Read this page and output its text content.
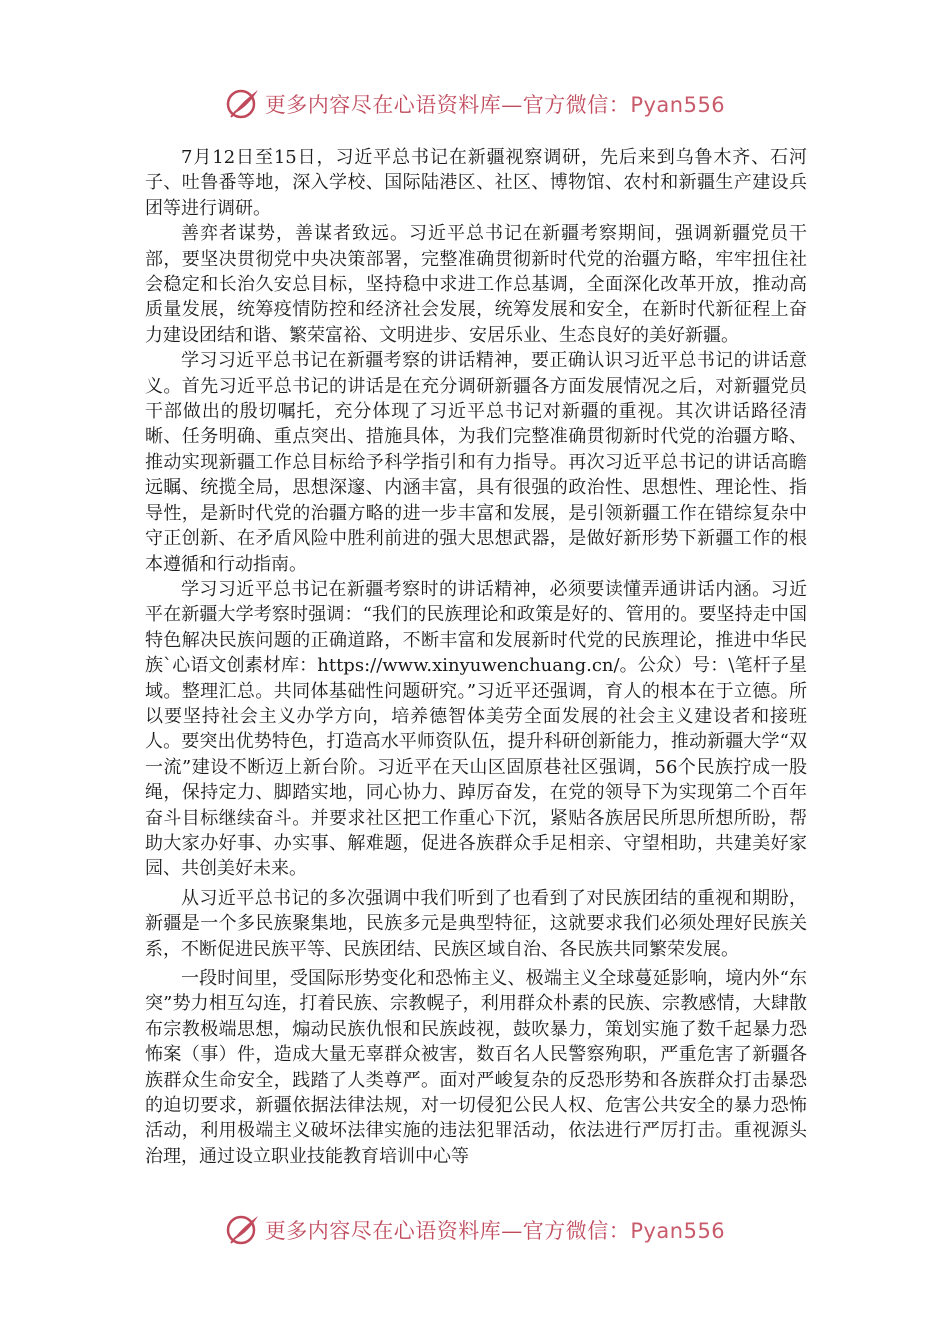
更多内容尽在心语资料库—官方微信：Pyan556

7月12日至15日，习近平总书记在新疆视察调研，先后来到乌鲁木齐、石河子、吐鲁番等地，深入学校、国际陆港区、社区、博物馆、农村和新疆生产建设兵团等进行调研。

善弈者谋势，善谋者致远。习近平总书记在新疆考察期间，强调新疆党员干部，要坚决贯彻党中央决策部署，完整准确贯彻新时代党的治疆方略，牢牢扭住社会稳定和长治久安总目标，坚持稳中求进工作总基调，全面深化改革开放，推动高质量发展，统筹疫情防控和经济社会发展，统筹发展和安全，在新时代新征程上奋力建设团结和谐、繁荣富裕、文明进步、安居乐业、生态良好的美好新疆。

学习习近平总书记在新疆考察的讲话精神，要正确认识习近平总书记的讲话意义。首先习近平总书记的讲话是在充分调研新疆各方面发展情况之后，对新疆党员干部做出的殷切嘱托，充分体现了习近平总书记对新疆的重视。其次讲话路径清晰、任务明确、重点突出、措施具体，为我们完整准确贯彻新时代党的治疆方略、推动实现新疆工作总目标给予科学指引和有力指导。再次习近平总书记的讲话高瞻远瞩、统揽全局，思想深邃、内涵丰富，具有很强的政治性、思想性、理论性、指导性，是新时代党的治疆方略的进一步丰富和发展，是引领新疆工作在错综复杂中守正创新、在矛盾风险中胜利前进的强大思想武器，是做好新形势下新疆工作的根本遵循和行动指南。

学习习近平总书记在新疆考察时的讲话精神，必须要读懂弄通讲话内涵。习近平在新疆大学考察时强调：“我们的民族理论和政策是好的、管用的。要坚持走中国特色解决民族问题的正确道路，不断丰富和发展新时代党的民族理论，推进中华民族`心语文创素材库：https://www.xinyuwenchuang.cn/。公众）号：\笔杆子星域。整理汇总。共同体基础性问题研究。”习近平还强调，育人的根本在于立德。所以要坚持社会主义办学方向，培养德智体美劳全面发展的社会主义建设者和接班人。要突出优势特色，打造高水平师资队伍，提升科研创新能力，推动新疆大学“双一流”建设不断迈上新台阶。习近平在天山区固原巷社区强调，56个民族拧成一股绳，保持定力、脚踏实地，同心协力、踔厉奋发，在党的领导下为实现第二个百年奋斗目标继续奋斗。并要求社区把工作重心下沉，紧贴各族居民所思所想所盼，帮助大家办好事、办实事、解难题，促进各族群众手足相亲、守望相助，共建美好家园、共创美好未来。

从习近平总书记的多次强调中我们听到了也看到了对民族团结的重视和期盼，新疆是一个多民族聚集地，民族多元是典型特征，这就要求我们必须处理好民族关系，不断促进民族平等、民族团结、民族区域自治、各民族共同繁荣发展。

一段时间里，受国际形势变化和恐怖主义、极端主义全球蔓延影响，境内外“东突”势力相互勾连，打着民族、宗教幌子，利用群众朴素的民族、宗教感情，大肆散布宗教极端思想，煽动民族仇恨和民族歧视，鼓吹暴力，策划实施了数千起暴力恐怖案（事）件，造成大量无辜群众被害，数百名人民警察殉职，严重危害了新疆各族群众生命安全，践踏了人类尊严。面对严峻复杂的反恐形势和各族群众打击暴恐的迫切要求，新疆依据法律法规，对一切侵犯公民人权、危害公共安全的暴力恐怖活动，利用极端主义破坏法律实施的违法犯罪活动，依法进行严厉打击。重视源头治理，通过设立职业技能教育培训中心等

更多内容尽在心语资料库—官方微信：Pyan556
